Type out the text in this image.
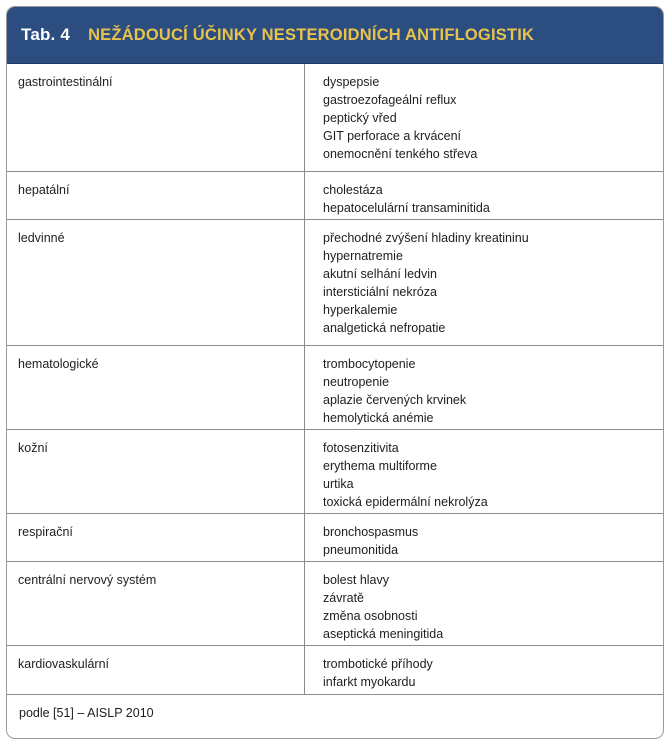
Tab. 4 NEŽÁDOUCÍ ÚČINKY NESTEROIDNÍCH ANTIFLOGISTIK
gastrointestinální	dyspepsie
gastroezofageální reflux
peptický vřed
GIT perforace a krvácení
onemocnění tenkého střeva
hepatální	cholestáza
hepatocelulární transaminitida
ledvinné	přechodné zvýšení hladiny kreatininu
hypernatremie
akutní selhání ledvin
intersticiální nekróza
hyperkalemie
analgetická nefropatie
hematologické	trombocytopenie
neutropenie
aplazie červených krvinek
hemolytická anémie
kožní	fotosenzitivita
erythema multiforme
urtika
toxická epidermální nekrolýza
respirační	bronchospasmus
pneumonitida
centrální nervový systém	bolest hlavy
závratě
změna osobnosti
aseptická meningitida
kardiovaskulární	trombotické příhody
infarkt myokardu
podle [51] – AISLP 2010
